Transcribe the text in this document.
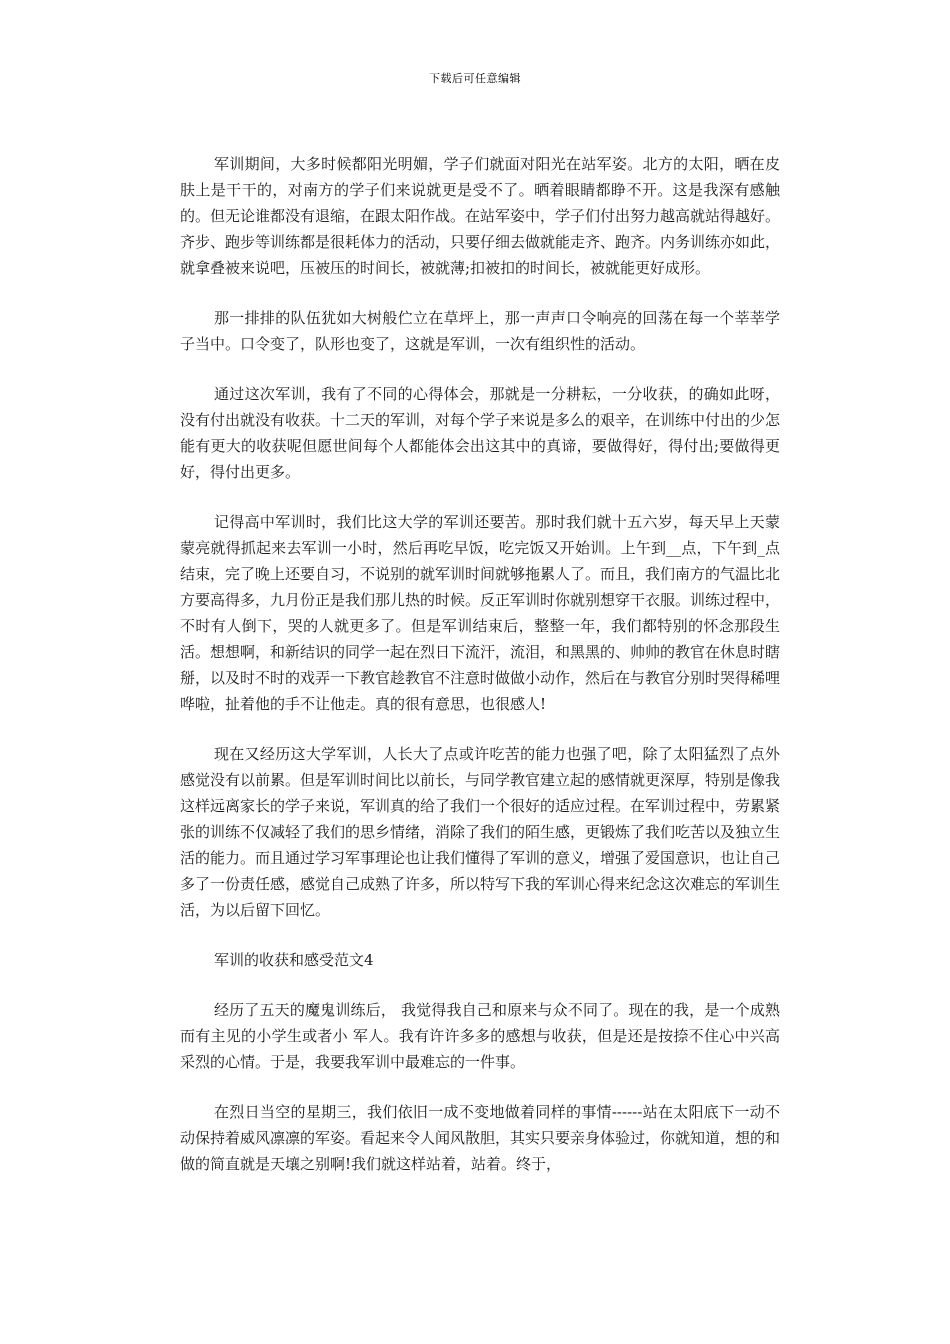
下载后可任意编辑

军训期间，大多时候都阳光明媚，学子们就面对阳光在站军姿。北方的太阳，晒在皮肤上是干干的，对南方的学子们来说就更是受不了。晒着眼睛都睁不开。这是我深有感触的。但无论谁都没有退缩，在跟太阳作战。在站军姿中，学子们付出努力越高就站得越好。齐步、跑步等训练都是很耗体力的活动，只要仔细去做就能走齐、跑齐。内务训练亦如此，就拿叠被来说吧，压被压的时间长，被就薄;扣被扣的时间长，被就能更好成形。

那一排排的队伍犹如大树般伫立在草坪上，那一声声口令响亮的回荡在每一个莘莘学子当中。口令变了，队形也变了，这就是军训，一次有组织性的活动。

通过这次军训，我有了不同的心得体会，那就是一分耕耘，一分收获，的确如此呀，没有付出就没有收获。十二天的军训，对每个学子来说是多么的艰辛，在训练中付出的少怎能有更大的收获呢但愿世间每个人都能体会出这其中的真谛，要做得好，得付出;要做得更好，得付出更多。

记得高中军训时，我们比这大学的军训还要苦。那时我们就十五六岁，每天早上天蒙蒙亮就得抓起来去军训一小时，然后再吃早饭，吃完饭又开始训。上午到__点，下午到_点结束，完了晚上还要自习，不说别的就军训时间就够拖累人了。而且，我们南方的气温比北方要高得多，九月份正是我们那儿热的时候。反正军训时你就别想穿干衣服。训练过程中，不时有人倒下，哭的人就更多了。但是军训结束后，整整一年，我们都特别的怀念那段生活。想想啊，和新结识的同学一起在烈日下流汗，流泪，和黑黑的、帅帅的教官在休息时瞎掰，以及时不时的戏弄一下教官趁教官不注意时做做小动作，然后在与教官分别时哭得稀哩哗啦，扯着他的手不让他走。真的很有意思，也很感人!

现在又经历这大学军训，人长大了点或许吃苦的能力也强了吧，除了太阳猛烈了点外感觉没有以前累。但是军训时间比以前长，与同学教官建立起的感情就更深厚，特别是像我这样远离家长的学子来说，军训真的给了我们一个很好的适应过程。在军训过程中，劳累紧张的训练不仅减轻了我们的思乡情绪，消除了我们的陌生感，更锻炼了我们吃苦以及独立生活的能力。而且通过学习军事理论也让我们懂得了军训的意义，增强了爱国意识，也让自己多了一份责任感，感觉自己成熟了许多，所以特写下我的军训心得来纪念这次难忘的军训生活，为以后留下回忆。

军训的收获和感受范文4

经历了五天的魔鬼训练后， 我觉得我自己和原来与众不同了。现在的我，是一个成熟而有主见的小学生或者小 军人。我有许许多多的感想与收获，但是还是按捺不住心中兴高采烈的心情。于是，我要我军训中最难忘的一件事。

在烈日当空的星期三，我们依旧一成不变地做着同样的事情------站在太阳底下一动不动保持着威风凛凛的军姿。看起来令人闻风散胆，其实只要亲身体验过，你就知道，想的和做的简直就是天壤之别啊!我们就这样站着，站着。终于，
